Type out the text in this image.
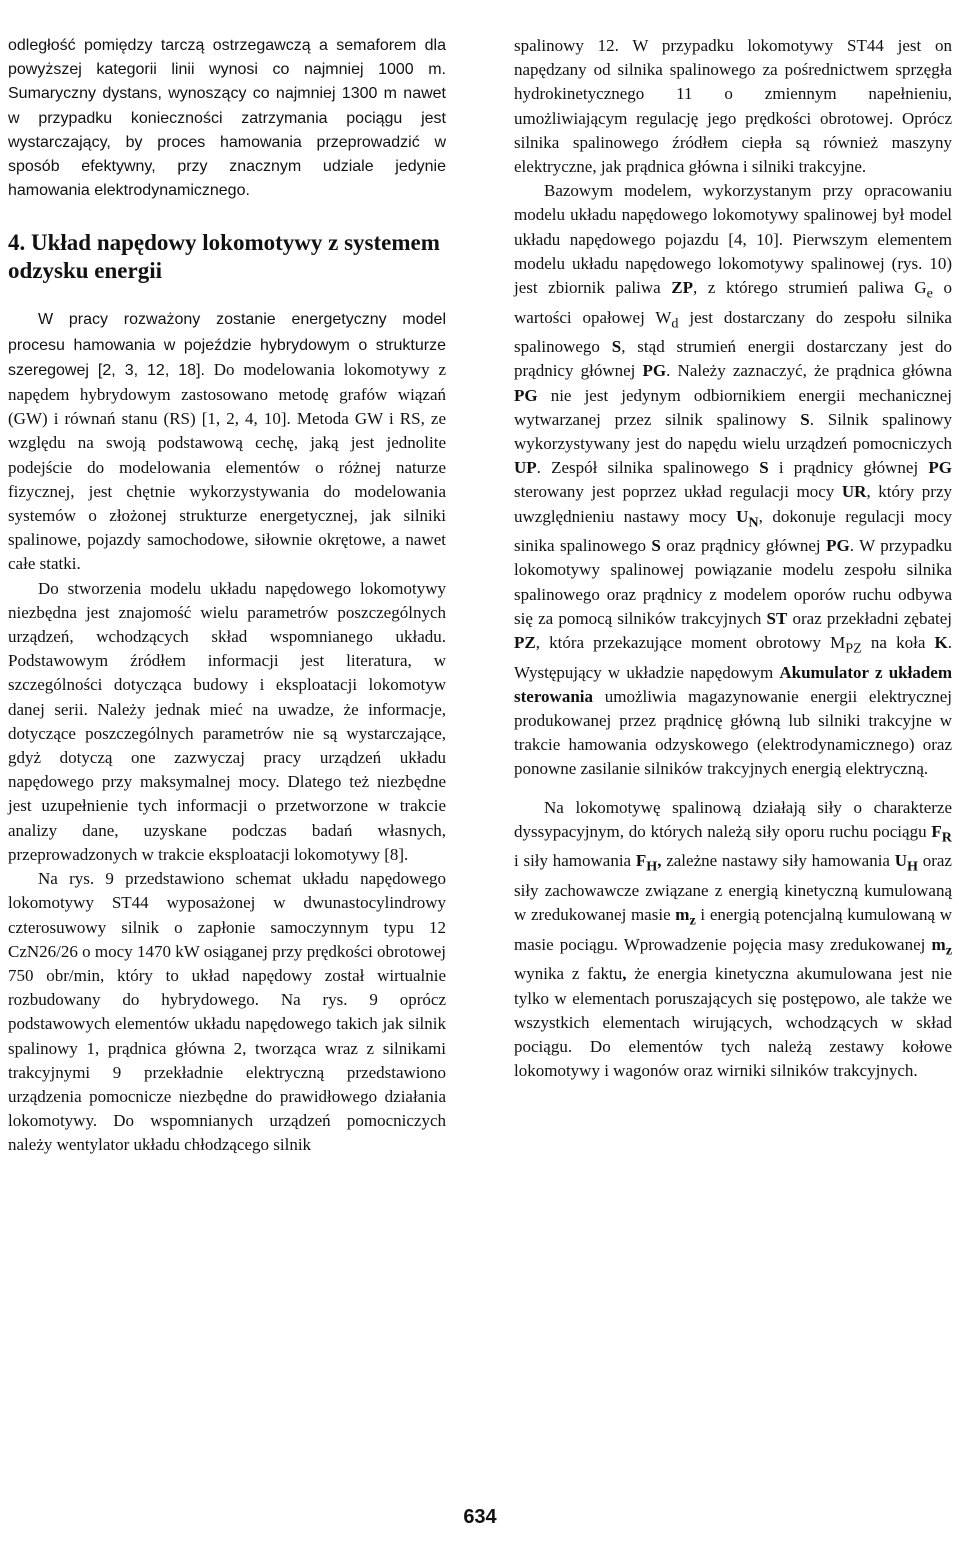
odległość pomiędzy tarczą ostrzegawczą a semaforem dla powyższej kategorii linii wynosi co najmniej 1000 m. Sumaryczny dystans, wynoszący co najmniej 1300 m nawet w przypadku konieczności zatrzymania pociągu jest wystarczający, by proces hamowania przeprowadzić w sposób efektywny, przy znacznym udziale jedynie hamowania elektrodynamicznego.

4. Układ napędowy lokomotywy z systemem odzysku energii

W pracy rozważony zostanie energetyczny model procesu hamowania w pojeździe hybrydowym o strukturze szeregowej [2, 3, 12, 18]. Do modelowania lokomotywy z napędem hybrydowym zastosowano metodę grafów wiązań (GW) i równań stanu (RS) [1, 2, 4, 10]. Metoda GW i RS, ze względu na swoją podstawową cechę, jaką jest jednolite podejście do modelowania elementów o różnej naturze fizycznej, jest chętnie wykorzystywania do modelowania systemów o złożonej strukturze energetycznej, jak silniki spalinowe, pojazdy samochodowe, siłownie okrętowe, a nawet całe statki.

Do stworzenia modelu układu napędowego lokomotywy niezbędna jest znajomość wielu parametrów poszczególnych urządzeń, wchodzących skład wspomnianego układu. Podstawowym źródłem informacji jest literatura, w szczególności dotycząca budowy i eksploatacji lokomotyw danej serii. Należy jednak mieć na uwadze, że informacje, dotyczące poszczególnych parametrów nie są wystarczające, gdyż dotyczą one zazwyczaj pracy urządzeń układu napędowego przy maksymalnej mocy. Dlatego też niezbędne jest uzupełnienie tych informacji o przetworzone w trakcie analizy dane, uzyskane podczas badań własnych, przeprowadzonych w trakcie eksploatacji lokomotywy [8].

Na rys. 9 przedstawiono schemat układu napędowego lokomotywy ST44 wyposażonej w dwunastocylindrowy czterosuwowy silnik o zapłonie samoczynnym typu 12 CzN26/26 o mocy 1470 kW osiąganej przy prędkości obrotowej 750 obr/min, który to układ napędowy został wirtualnie rozbudowany do hybrydowego. Na rys. 9 oprócz podstawowych elementów układu napędowego takich jak silnik spalinowy 1, prądnica główna 2, tworząca wraz z silnikami trakcyjnymi 9 przekładnie elektryczną przedstawiono urządzenia pomocnicze niezbędne do prawidłowego działania lokomotywy. Do wspomnianych urządzeń pomocniczych należy wentylator układu chłodzącego silnik

spalinowy 12. W przypadku lokomotywy ST44 jest on napędzany od silnika spalinowego za pośrednictwem sprzęgła hydrokinetycznego 11 o zmiennym napełnieniu, umożliwiającym regulację jego prędkości obrotowej. Oprócz silnika spalinowego źródłem ciepła są również maszyny elektryczne, jak prądnica główna i silniki trakcyjne.

Bazowym modelem, wykorzystanym przy opracowaniu modelu układu napędowego lokomotywy spalinowej był model układu napędowego pojazdu [4, 10]. Pierwszym elementem modelu układu napędowego lokomotywy spalinowej (rys. 10) jest zbiornik paliwa ZP, z którego strumień paliwa $G_e$ o wartości opałowej $W_d$ jest dostarczany do zespołu silnika spalinowego S, stąd strumień energii dostarczany jest do prądnicy głównej PG. Należy zaznaczyć, że prądnica główna PG nie jest jedynym odbiornikiem energii mechanicznej wytwarzanej przez silnik spalinowy S. Silnik spalinowy wykorzystywany jest do napędu wielu urządzeń pomocniczych UP. Zespół silnika spalinowego S i prądnicy głównej PG sterowany jest poprzez układ regulacji mocy UR, który przy uwzględnieniu nastawy mocy $U_N$, dokonuje regulacji mocy sinika spalinowego S oraz prądnicy głównej PG. W przypadku lokomotywy spalinowej powiązanie modelu zespołu silnika spalinowego oraz prądnicy z modelem oporów ruchu odbywa się za pomocą silników trakcyjnych ST oraz przekładni zębatej PZ, która przekazujące moment obrotowy $M_{PZ}$ na koła K. Występujący w układzie napędowym Akumulator z układem sterowania umożliwia magazynowanie energii elektrycznej produkowanej przez prądnicę główną lub silniki trakcyjne w trakcie hamowania odzyskowego (elektrodynamicznego) oraz ponowne zasilanie silników trakcyjnych energią elektryczną.

Na lokomotywę spalinową działają siły o charakterze dyssypacyjnym, do których należą siły oporu ruchu pociągu $F_R$ i siły hamowania $F_H$, zależne nastawy siły hamowania $U_H$ oraz siły zachowawcze związane z energią kinetyczną kumulowaną w zredukowanej masie $m_z$ i energią potencjalną kumulowaną w masie pociągu. Wprowadzenie pojęcia masy zredukowanej $m_z$ wynika z faktu, że energia kinetyczna akumulowana jest nie tylko w elementach poruszających się postępowo, ale także we wszystkich elementach wirujących, wchodzących w skład pociągu. Do elementów tych należą zestawy kołowe lokomotywy i wagonów oraz wirniki silników trakcyjnych.

634
